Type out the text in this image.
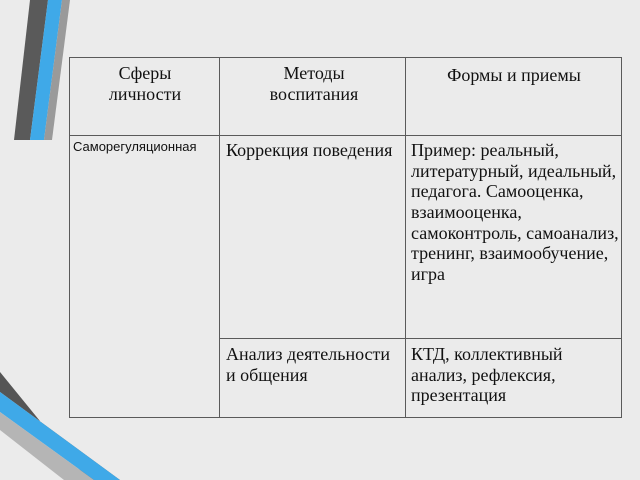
Сферы личности
Методы воспитания
Формы и приемы
Саморегуляционная	Коррекция поведения Пример: реальный, литературный, идеальный, педагога. Самооценка, взаимооценка, самоконтроль, самоанализ, тренинг, взаимообучение, игра
Анализ деятельности и общения
КТД, коллективный анализ, рефлексия, презентация
